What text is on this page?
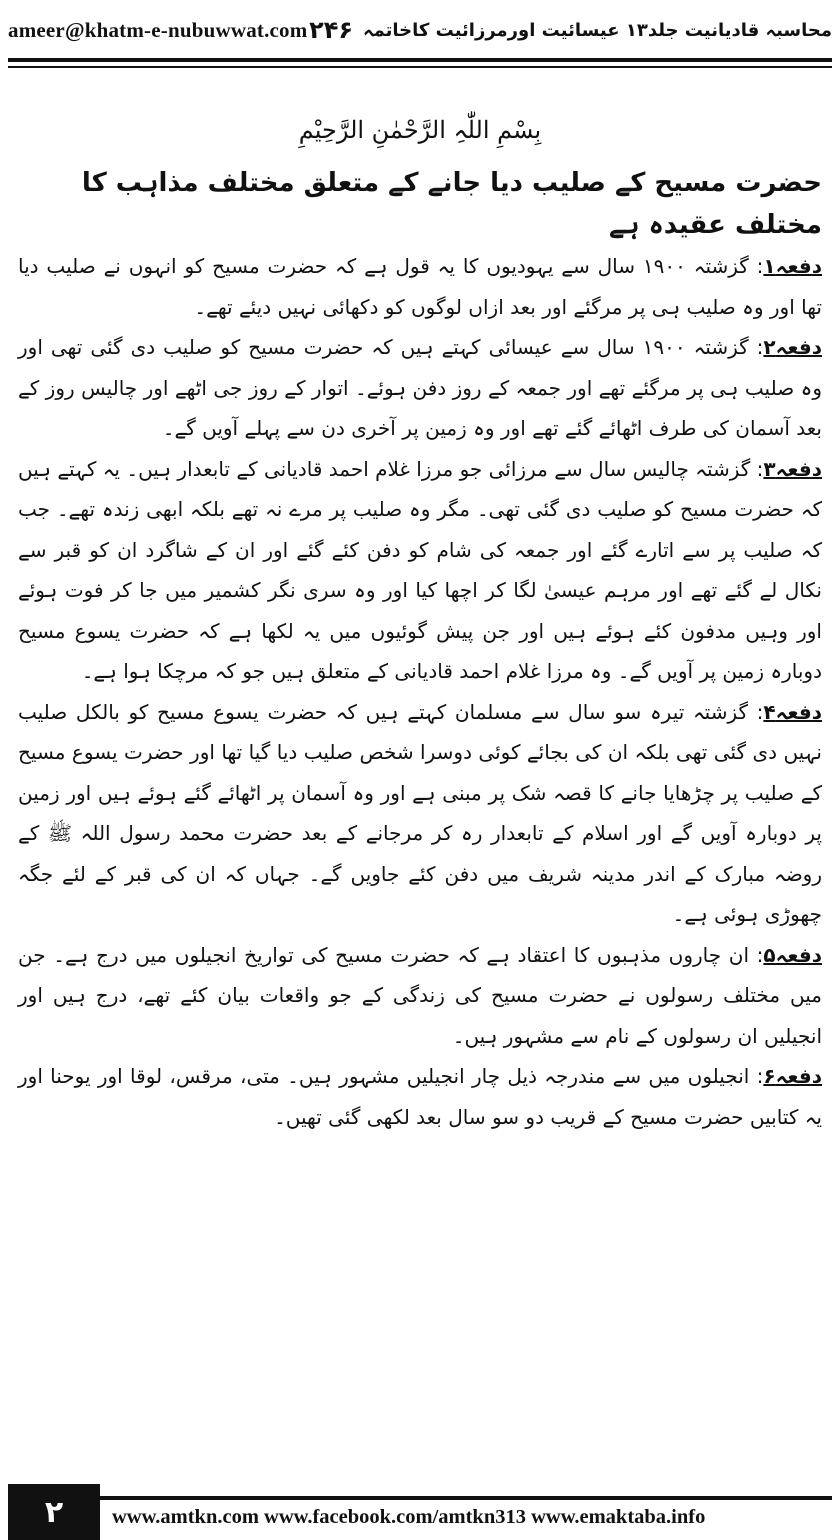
ameer@khatm-e-nubuwwat.com	محاسبہ قادیانیت جلد۱۳ عیسائیت اورمرزائیت کاخاتمہ
۲۴۶
بِسْمِ اللّٰہِ الرَّحْمٰنِ الرَّحِیْمِ
حضرت مسیح کے صلیب دیا جانے کے متعلق مختلف مذاہب کا مختلف عقیدہ ہے

دفعہ۱: گزشتہ ۱۹۰۰ سال سے یہودیوں کا یہ قول ہے کہ حضرت مسیح کو انہوں نے صلیب دیا تھا اور وہ صلیب ہی پر مرگئے اور بعد ازاں لوگوں کو دکھائی نہیں دیئے تھے۔

دفعہ۲: گزشتہ ۱۹۰۰ سال سے عیسائی کہتے ہیں کہ حضرت مسیح کو صلیب دی گئی تھی اور وہ صلیب ہی پر مرگئے تھے اور جمعہ کے روز دفن ہوئے۔ اتوار کے روز جی اٹھے اور چالیس روز کے بعد آسمان کی طرف اٹھائے گئے تھے اور وہ زمین پر آخری دن سے پہلے آویں گے۔

دفعہ۳: گزشتہ چالیس سال سے مرزائی جو مرزا غلام احمد قادیانی کے تابعدار ہیں۔ یہ کہتے ہیں کہ حضرت مسیح کو صلیب دی گئی تھی۔ مگر وہ صلیب پر مرے نہ تھے بلکہ ابھی زندہ تھے۔ جب کہ صلیب پر سے اتارے گئے اور جمعہ کی شام کو دفن کئے گئے اور ان کے شاگرد ان کو قبر سے نکال لے گئے تھے اور مرہم عیسیٰ لگا کر اچھا کیا اور وہ سری نگر کشمیر میں جا کر فوت ہوئے اور وہیں مدفون کئے ہوئے ہیں اور جن پیش گوئیوں میں یہ لکھا ہے کہ حضرت یسوع مسیح دوبارہ زمین پر آویں گے۔ وہ مرزا غلام احمد قادیانی کے متعلق ہیں جو کہ مرچکا ہوا ہے۔

دفعہ۴: گزشتہ تیرہ سو سال سے مسلمان کہتے ہیں کہ حضرت یسوع مسیح کو بالکل صلیب نہیں دی گئی تھی بلکہ ان کی بجائے کوئی دوسرا شخص صلیب دیا گیا تھا اور حضرت یسوع مسیح کے صلیب پر چڑھایا جانے کا قصہ شک پر مبنی ہے اور وہ آسمان پر اٹھائے گئے ہوئے ہیں اور زمین پر دوبارہ آویں گے اور اسلام کے تابعدار رہ کر مرجانے کے بعد حضرت محمد رسول اللہ ﷺ کے روضہ مبارک کے اندر مدینہ شریف میں دفن کئے جاویں گے۔ جہاں کہ ان کی قبر کے لئے جگہ چھوڑی ہوئی ہے۔

دفعہ۵: ان چاروں مذہبوں کا اعتقاد ہے کہ حضرت مسیح کی تواریخ انجیلوں میں درج ہے۔ جن میں مختلف رسولوں نے حضرت مسیح کی زندگی کے جو واقعات بیان کئے تھے، درج ہیں اور انجیلیں ان رسولوں کے نام سے مشہور ہیں۔

دفعہ۶: انجیلوں میں سے مندرجہ ذیل چار انجیلیں مشہور ہیں۔ متی، مرقس، لوقا اور یوحنا اور یہ کتابیں حضرت مسیح کے قریب دو سو سال بعد لکھی گئی تھیں۔

۲	www.amtkn.com www.facebook.com/amtkn313 www.emaktaba.info
